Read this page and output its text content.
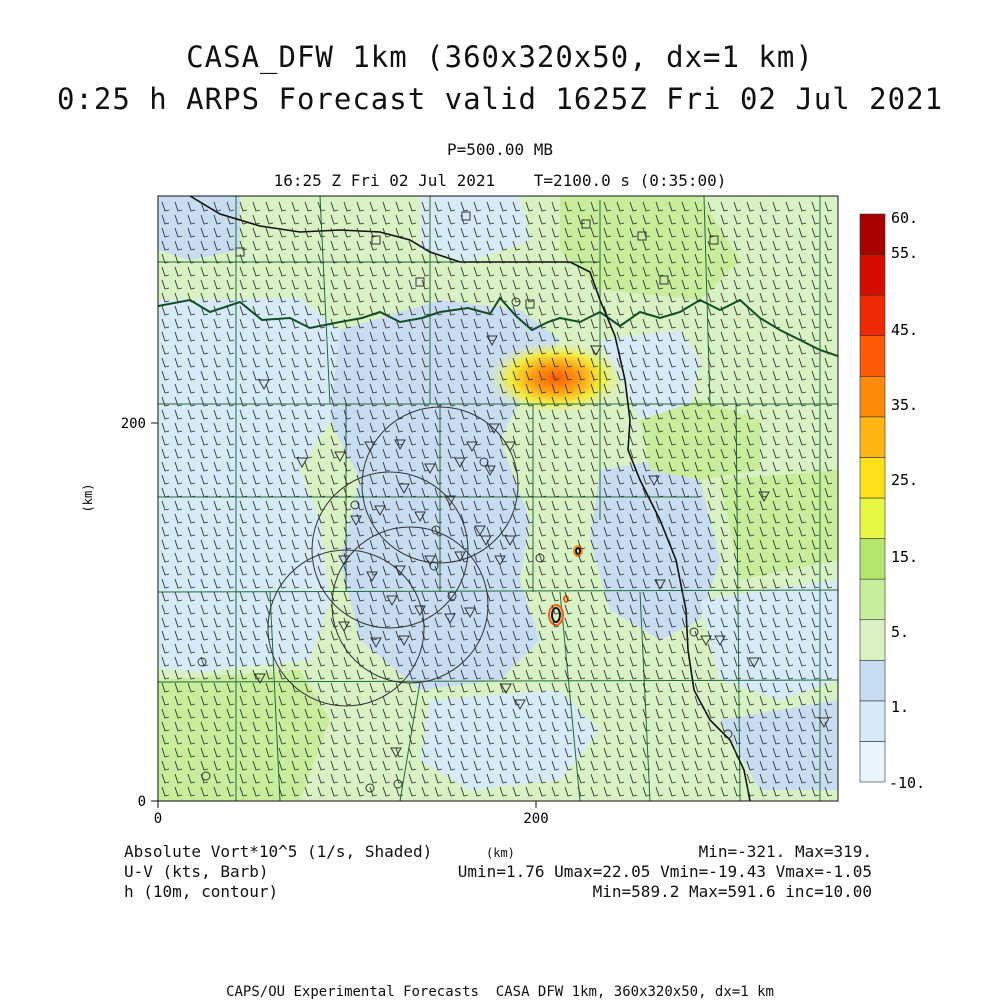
0	200
0
200
(km)
60.
55.
45.
35.
25.
15.
5.
1.
-10.
CASA_DFW 1km (360x320x50, dx=1 km)
0:25 h ARPS Forecast valid 1625Z Fri 02 Jul 2021
P=500.00 MB
16:25 Z Fri 02 Jul 2021    T=2100.0 s (0:35:00)
Absolute Vort*10^5 (1/s, Shaded)
U-V (kts, Barb)
h (10m, contour)
(km)	Min=-321. Max=319.
Umin=1.76 Umax=22.05 Vmin=-19.43 Vmax=-1.05
Min=589.2 Max=591.6 inc=10.00
CAPS/OU Experimental Forecasts  CASA DFW 1km, 360x320x50, dx=1 km
